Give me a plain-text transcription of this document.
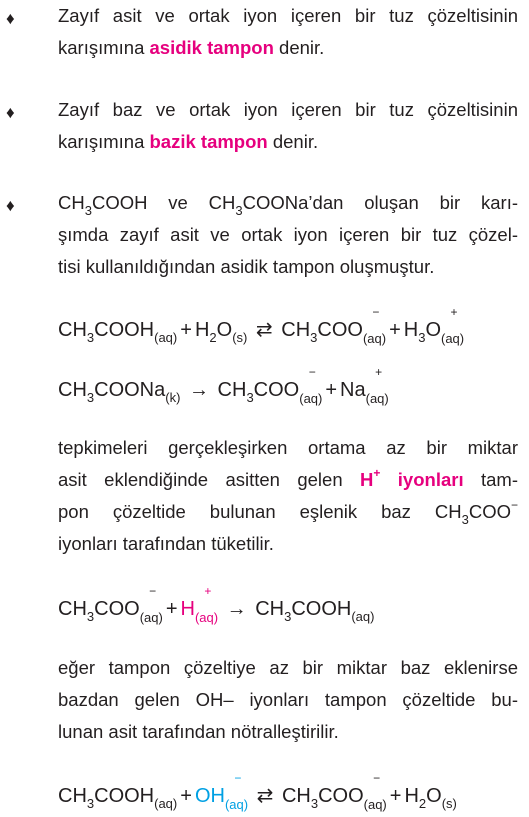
♦ Zayıf asit ve ortak iyon içeren bir tuz çözeltisinin
karışımına asidik tampon denir.
♦ Zayıf baz ve ortak iyon içeren bir tuz çözeltisinin
karışımına bazik tampon denir.
♦ $CH_3COOH$ ve $CH_3COONa’dan$ oluşan bir karı-
şımda zayıf asit ve ortak iyon içeren bir tuz çözel-
tisi kullanıldığından asidik tampon oluşmuştur.
$CH_3COOH_{(aq)} + H_2O_{(s)}$ ⇄ $CH_3COO$
−
$(aq) + H_3O$
+
(aq)
$CH_3COONa_{(k)} \to CH_3COO$
−
(aq) + Na
+
(aq)
tepkimeleri gerçekleşirken ortama az bir miktar
asit eklendiğinde asitten gelen H+ iyonları tam-
pon çözeltide bulunan eşlenik baz $CH_3COO^-$
iyonları tarafından tüketilir.
$CH_3COO$
−
(aq) + H
+
$(aq) \to CH_3COOH_{(aq)}$
eğer tampon çözeltiye az bir miktar baz eklenirse
bazdan gelen OH– iyonları tampon çözeltide bu-
lunan asit tarafından nötralleştirilir.
$CH_3COOH_{(aq)}$ + OH
−
(aq) ⇄ $CH_3COO$
−
$(aq) + H_2O_{(s)}$
